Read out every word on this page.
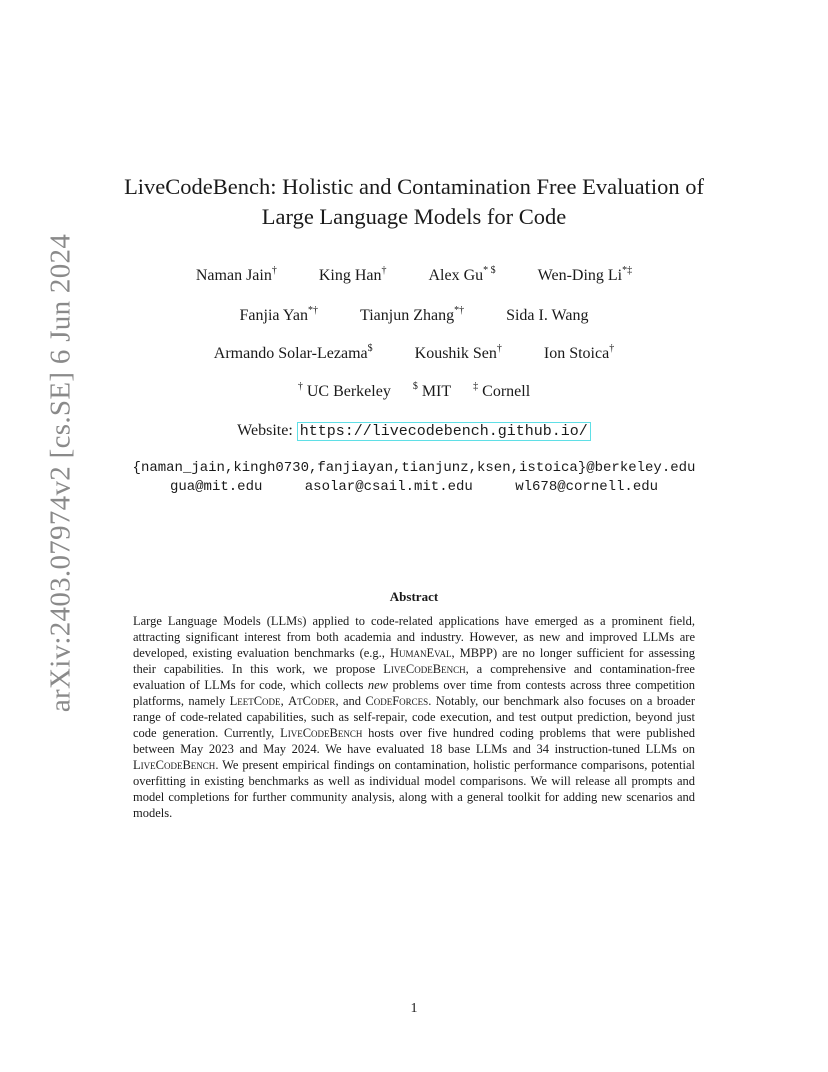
arXiv:2403.07974v2 [cs.SE] 6 Jun 2024
LiveCodeBench: Holistic and Contamination Free Evaluation of
Large Language Models for Code
Naman Jain†	King Han†	Alex Gu* $	Wen-Ding Li*‡
Fanjia Yan*†	Tianjun Zhang*†	Sida I. Wang
Armando Solar-Lezama$	Koushik Sen†	Ion Stoica†
† UC Berkeley $ MIT ‡ Cornell
Website: https://livecodebench.github.io/
{naman_jain,kingh0730,fanjiayan,tianjunz,ksen,istoica}@berkeley.edu
gua@mit.edu	asolar@csail.mit.edu	wl678@cornell.edu
Abstract
Large Language Models (LLMs) applied to code-related applications have emerged as a prominent field, attracting significant interest from both academia and industry. However, as new and improved LLMs are developed, existing evaluation benchmarks (e.g., HumanEval, MBPP) are no longer sufficient for assessing their capabilities. In this work, we propose LiveCodeBench, a comprehensive and contamination-free evaluation of LLMs for code, which collects new problems over time from contests across three competition platforms, namely LeetCode, AtCoder, and CodeForces. Notably, our benchmark also focuses on a broader range of code-related capabilities, such as self-repair, code execution, and test output prediction, beyond just code generation. Currently, LiveCodeBench hosts over five hundred coding problems that were published between May 2023 and May 2024. We have evaluated 18 base LLMs and 34 instruction-tuned LLMs on LiveCodeBench. We present empirical findings on contamination, holistic performance comparisons, potential overfitting in existing benchmarks as well as individual model comparisons. We will release all prompts and model completions for further community analysis, along with a general toolkit for adding new scenarios and models.
1
